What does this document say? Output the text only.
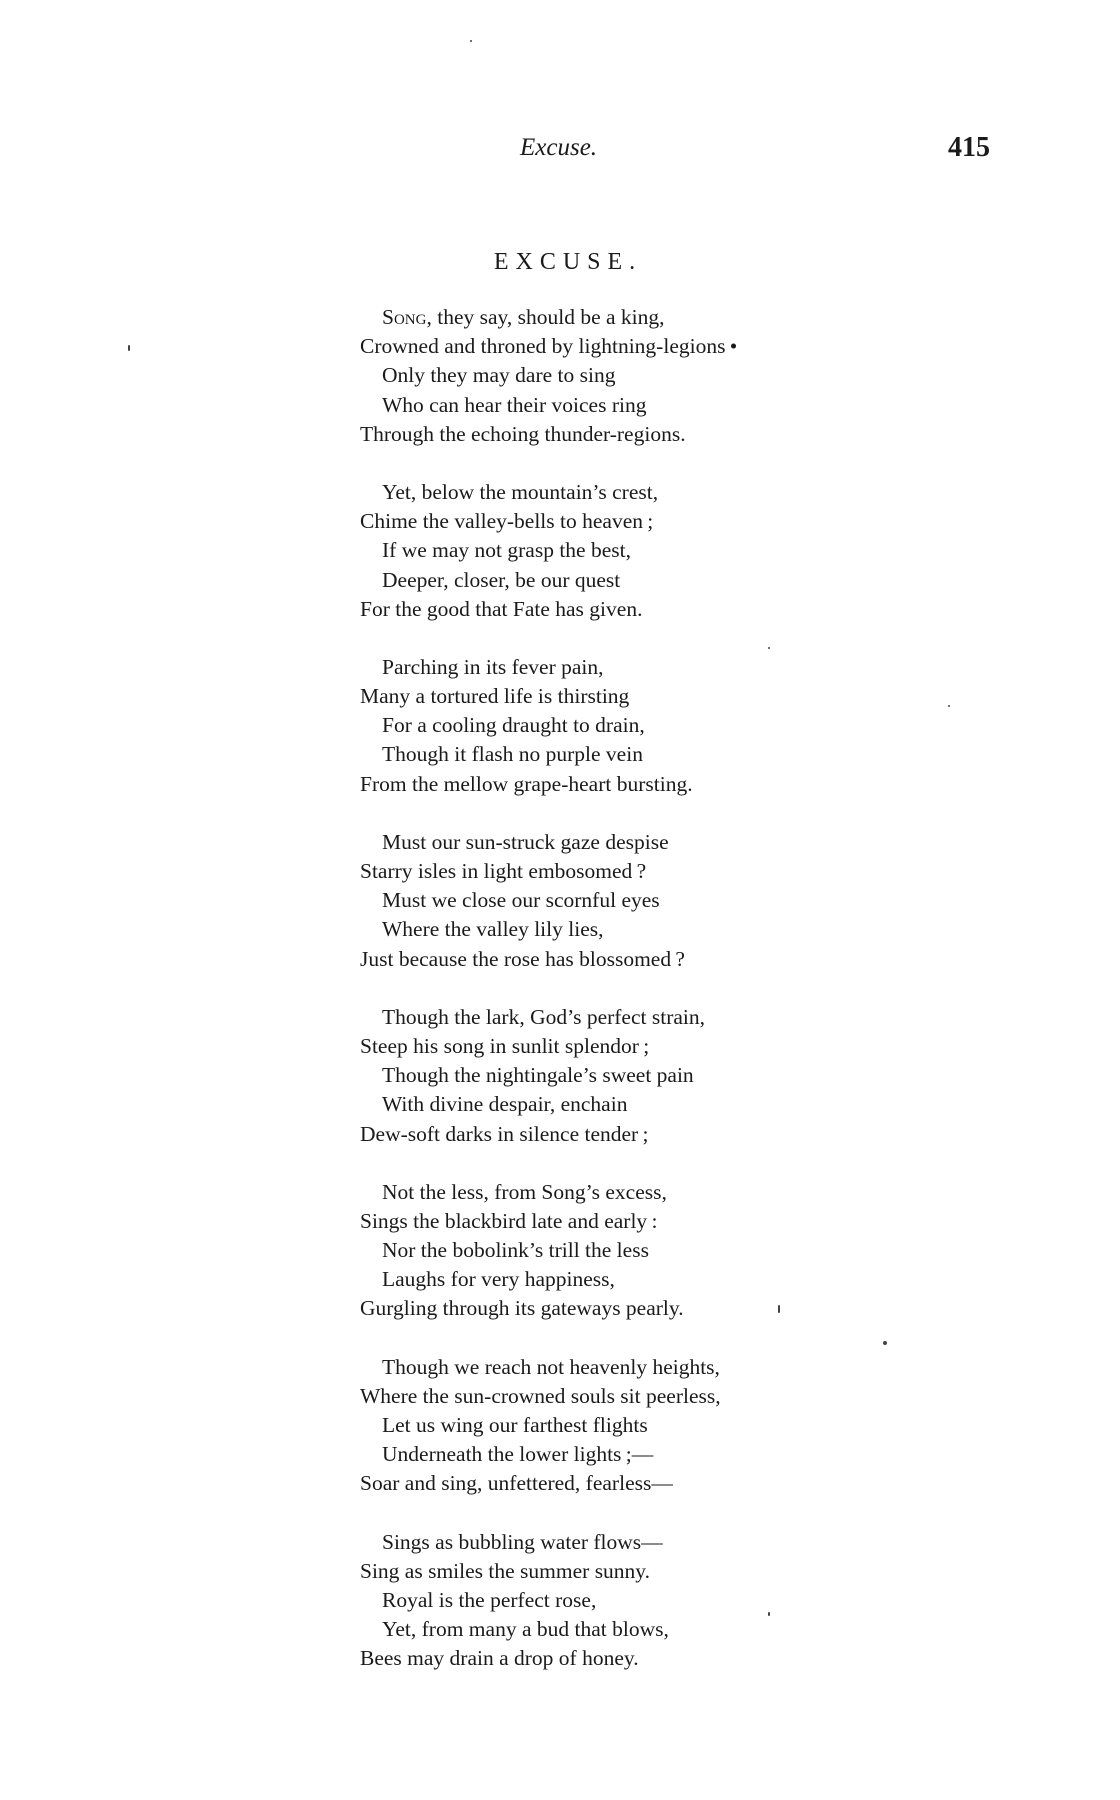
Excuse.	415
EXCUSE.
Song, they say, should be a king,
Crowned and throned by lightning-legions •
Only they may dare to sing
Who can hear their voices ring
Through the echoing thunder-regions.
Yet, below the mountain’s crest,
Chime the valley-bells to heaven ;
If we may not grasp the best,
Deeper, closer, be our quest
For the good that Fate has given.
Parching in its fever pain,
Many a tortured life is thirsting
For a cooling draught to drain,
Though it flash no purple vein
From the mellow grape-heart bursting.
Must our sun-struck gaze despise
Starry isles in light embosomed ?
Must we close our scornful eyes
Where the valley lily lies,
Just because the rose has blossomed ?
Though the lark, God’s perfect strain,
Steep his song in sunlit splendor ;
Though the nightingale’s sweet pain
With divine despair, enchain
Dew-soft darks in silence tender ;
Not the less, from Song’s excess,
Sings the blackbird late and early :
Nor the bobolink’s trill the less
Laughs for very happiness,
Gurgling through its gateways pearly.
Though we reach not heavenly heights,
Where the sun-crowned souls sit peerless,
Let us wing our farthest flights
Underneath the lower lights ;—
Soar and sing, unfettered, fearless—
Sings as bubbling water flows—
Sing as smiles the summer sunny.
Royal is the perfect rose,
Yet, from many a bud that blows,
Bees may drain a drop of honey.
